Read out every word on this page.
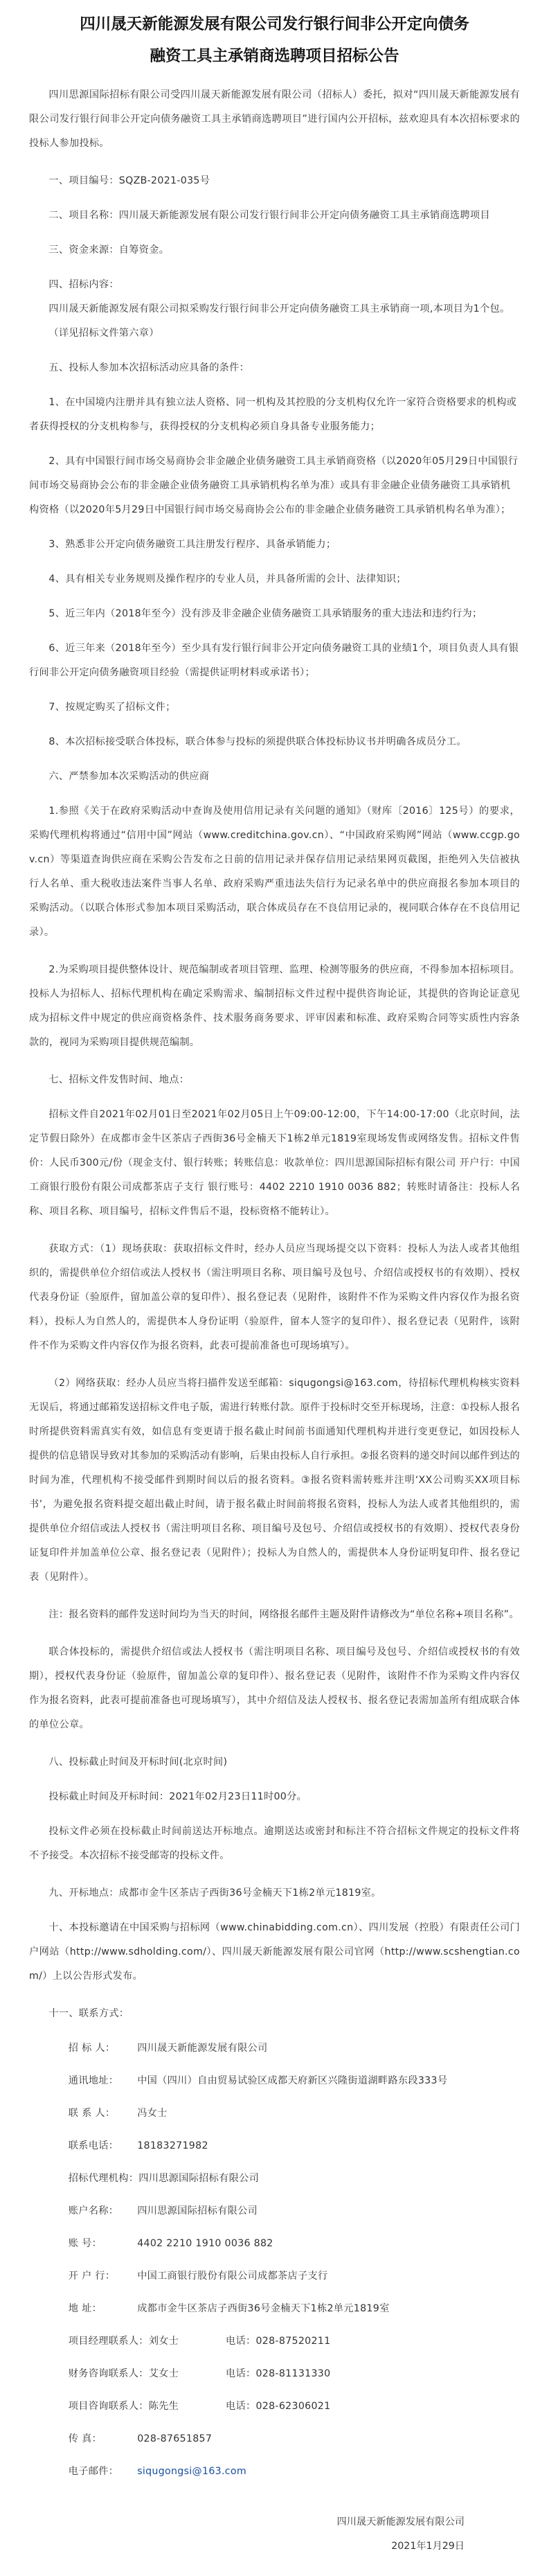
四川晟天新能源发展有限公司发行银行间非公开定向债务
融资工具主承销商选聘项目招标公告

四川思源国际招标有限公司受四川晟天新能源发展有限公司（招标人）委托，拟对“四川晟天新能源发展有限公司发行银行间非公开定向债务融资工具主承销商选聘项目”进行国内公开招标，兹欢迎具有本次招标要求的投标人参加投标。

一、项目编号：SQZB-2021-035号

二、项目名称：四川晟天新能源发展有限公司发行银行间非公开定向债务融资工具主承销商选聘项目

三、资金来源：自筹资金。

四、招标内容：

四川晟天新能源发展有限公司拟采购发行银行间非公开定向债务融资工具主承销商一项,本项目为1个包。

（详见招标文件第六章）

五、投标人参加本次招标活动应具备的条件：

1、在中国境内注册并具有独立法人资格、同一机构及其控股的分支机构仅允许一家符合资格要求的机构或者获得授权的分支机构参与，获得授权的分支机构必须自身具备专业服务能力；

2、具有中国银行间市场交易商协会非金融企业债务融资工具主承销商资格（以2020年05月29日中国银行间市场交易商协会公布的非金融企业债务融资工具承销机构名单为准）或具有非金融企业债务融资工具承销机构资格（以2020年5月29日中国银行间市场交易商协会公布的非金融企业债务融资工具承销机构名单为准）；

3、熟悉非公开定向债务融资工具注册发行程序、具备承销能力；

4、具有相关专业务规则及操作程序的专业人员，并具备所需的会计、法律知识；

5、近三年内（2018年至今）没有涉及非金融企业债务融资工具承销服务的重大违法和违约行为；

6、近三年来（2018年至今）至少具有发行银行间非公开定向债务融资工具的业绩1个，项目负责人具有银行间非公开定向债务融资项目经验（需提供证明材料或承诺书）；

7、按规定购买了招标文件；

8、本次招标接受联合体投标，联合体参与投标的须提供联合体投标协议书并明确各成员分工。

六、严禁参加本次采购活动的供应商

1.参照《关于在政府采购活动中查询及使用信用记录有关问题的通知》（财库〔2016〕125号）的要求，采购代理机构将通过“信用中国”网站（www.creditchina.gov.cn）、“中国政府采购网”网站（www.ccgp.gov.cn）等渠道查询供应商在采购公告发布之日前的信用记录并保存信用记录结果网页截图，拒绝列入失信被执行人名单、重大税收违法案件当事人名单、政府采购严重违法失信行为记录名单中的供应商报名参加本项目的采购活动。（以联合体形式参加本项目采购活动，联合体成员存在不良信用记录的，视同联合体存在不良信用记录）。

2.为采购项目提供整体设计、规范编制或者项目管理、监理、检测等服务的供应商，不得参加本招标项目。投标人为招标人、招标代理机构在确定采购需求、编制招标文件过程中提供咨询论证，其提供的咨询论证意见成为招标文件中规定的供应商资格条件、技术服务商务要求、评审因素和标准、政府采购合同等实质性内容条款的，视同为采购项目提供规范编制。

七、招标文件发售时间、地点：

招标文件自2021年02月01日至2021年02月05日上午09:00-12:00，下午14:00-17:00（北京时间，法定节假日除外）在成都市金牛区茶店子西街36号金楠天下1栋2单元1819室现场发售或网络发售。招标文件售价：人民币300元/份（现金支付、银行转账；转账信息：收款单位：四川思源国际招标有限公司 开户行：中国工商银行股份有限公司成都茶店子支行 银行账号：4402 2210 1910 0036 882；转账时请备注：投标人名称、项目名称、项目编号，招标文件售后不退，投标资格不能转让）。

获取方式：（1）现场获取：获取招标文件时，经办人员应当现场提交以下资料：投标人为法人或者其他组织的，需提供单位介绍信或法人授权书（需注明项目名称、项目编号及包号、介绍信或授权书的有效期）、授权代表身份证（验原件，留加盖公章的复印件）、报名登记表（见附件，该附件不作为采购文件内容仅作为报名资料），投标人为自然人的，需提供本人身份证明（验原件，留本人签字的复印件）、报名登记表（见附件，该附件不作为采购文件内容仅作为报名资料，此表可提前准备也可现场填写）。

（2）网络获取：经办人员应当将扫描件发送至邮箱：siqugongsi@163.com，待招标代理机构核实资料无误后，将通过邮箱发送招标文件电子版，需进行转账付款。原件于投标时交至开标现场，注意：①投标人报名时所提供资料需真实有效，如信息有变更请于报名截止时间前书面通知代理机构并进行变更登记，如因投标人提供的信息错误导致对其参加的采购活动有影响，后果由投标人自行承担。②报名资料的递交时间以邮件到达的时间为准，代理机构不接受邮件到期时间以后的报名资料。③报名资料需转账并注明‘XX公司购买XX项目标书’，为避免报名资料提交超出截止时间，请于报名截止时间前将报名资料，投标人为法人或者其他组织的，需提供单位介绍信或法人授权书（需注明项目名称、项目编号及包号、介绍信或授权书的有效期）、授权代表身份证复印件并加盖单位公章、报名登记表（见附件）；投标人为自然人的，需提供本人身份证明复印件、报名登记表（见附件）。

注：报名资料的邮件发送时间均为当天的时间，网络报名邮件主题及附件请修改为“单位名称+项目名称”。

联合体投标的，需提供介绍信或法人授权书（需注明项目名称、项目编号及包号、介绍信或授权书的有效期），授权代表身份证（验原件，留加盖公章的复印件）、报名登记表（见附件，该附件不作为采购文件内容仅作为报名资料，此表可提前准备也可现场填写），其中介绍信及法人授权书、报名登记表需加盖所有组成联合体的单位公章。

八、投标截止时间及开标时间(北京时间)

投标截止时间及开标时间：2021年02月23日11时00分。

投标文件必须在投标截止时间前送达开标地点。逾期送达或密封和标注不符合招标文件规定的投标文件将不予接受。本次招标不接受邮寄的投标文件。

九、开标地点：成都市金牛区茶店子西街36号金楠天下1栋2单元1819室。

十、本投标邀请在中国采购与招标网（www.chinabidding.com.cn）、四川发展（控股）有限责任公司门户网站（http://www.sdholding.com/）、四川晟天新能源发展有限公司官网（http://www.scshengtian.com/）上以公告形式发布。

十一、联系方式：

招 标 人： 四川晟天新能源发展有限公司

通讯地址： 中国（四川）自由贸易试验区成都天府新区兴隆街道湖畔路东段333号

联 系 人： 冯女士

联系电话： 18183271982

招标代理机构：四川思源国际招标有限公司

账户名称： 四川思源国际招标有限公司

账 号：	4402 2210 1910 0036 882

开 户 行： 中国工商银行股份有限公司成都茶店子支行

地 址：	成都市金牛区茶店子西街36号金楠天下1栋2单元1819室

项目经理联系人：刘女士	电话：028-87520211

财务咨询联系人：艾女士	电话：028-81131330

项目咨询联系人：陈先生	电话：028-62306021

传 真：	028-87651857

电子邮件： siqugongsi@163.com

四川晟天新能源发展有限公司

2021年1月29日
